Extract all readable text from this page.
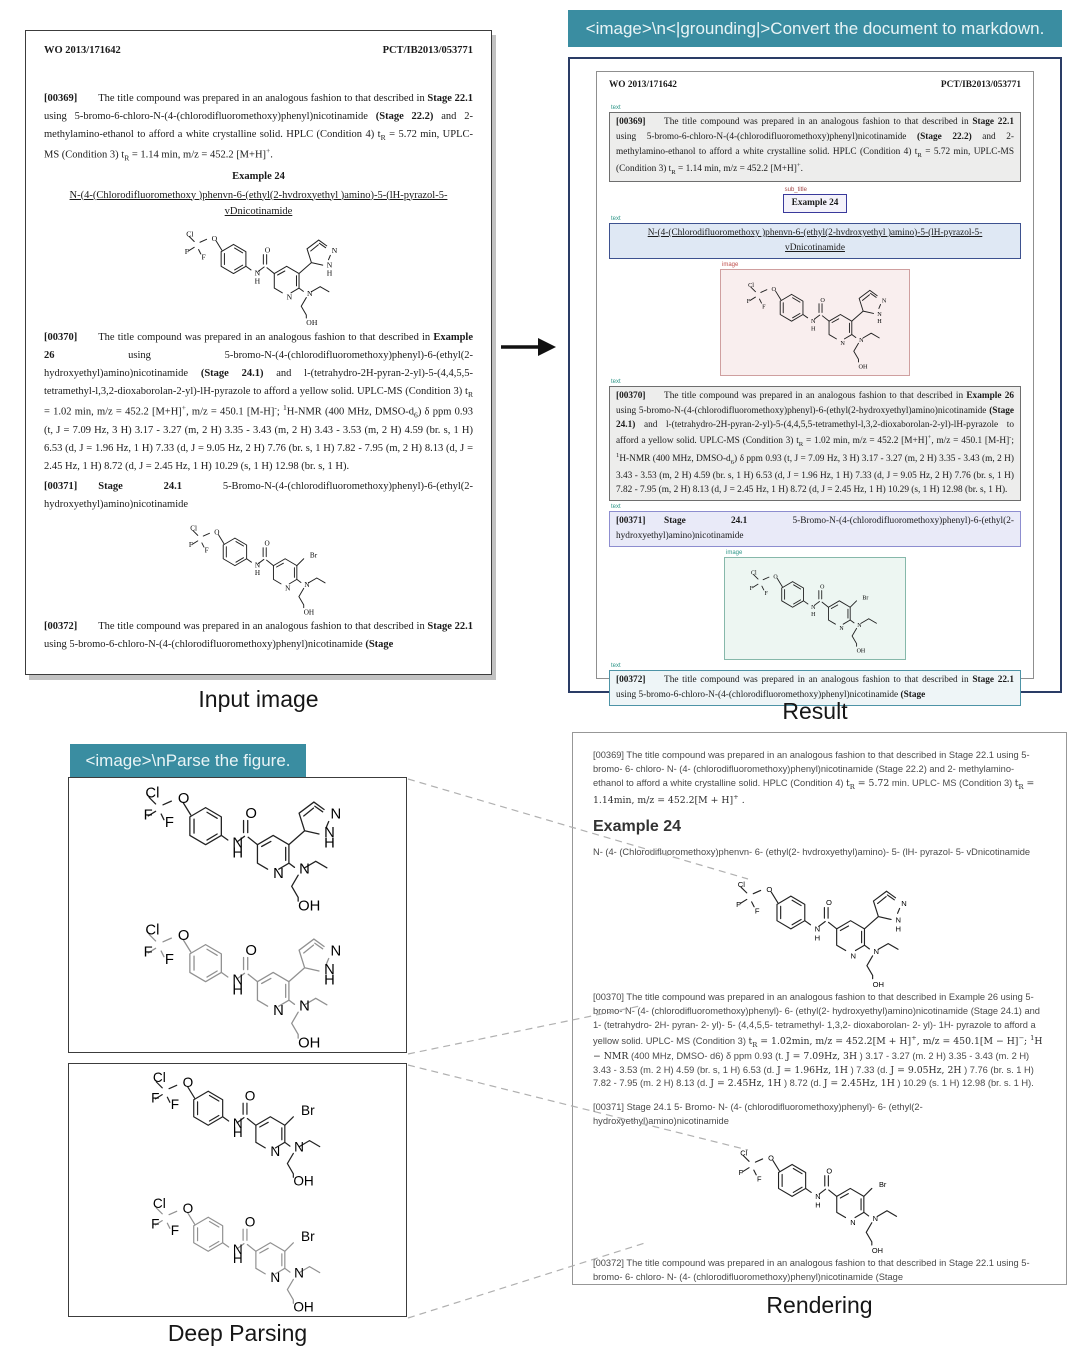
WO 2013/171642	PCT/IB2013/053771

[00369]  The title compound was prepared in an analogous fashion to that described in Stage 22.1 using 5-bromo-6-chloro-N-(4-(chlorodifluoromethoxy)phenyl)nicotinamide (Stage 22.2) and 2-methylamino-ethanol to afford a white crystalline solid. HPLC (Condition 4) $t_R = 5.72$ min, UPLC-MS (Condition 3) $t_R = 1.14$ min, m/z = 452.2 [M+H]+.

Example 24
N-(4-(Chlorodifluoromethoxy )phenvn-6-(ethyl(2-hvdroxyethyl )amino)-5-(lH-pyrazol-5-vDnicotinamide

[00370]  The title compound was prepared in an analogous fashion to that described in Example 26 using 5-bromo-N-(4-(chlorodifluoromethoxy)phenyl)-6-(ethyl(2-hydroxyethyl)amino)nicotinamide (Stage 24.1) and l-(tetrahydro-2H-pyran-2-yl)-5-(4,4,5,5-tetramethyl-l,3,2-dioxaborolan-2-yl)-lH-pyrazole to afford a yellow solid. UPLC-MS (Condition 3) $t_R = 1.02$ min, m/z = 452.2 [M+H]+, m/z = 450.1 [M-H]-; $^1$H-NMR (400 MHz, DMSO-$d_6$) δ ppm 0.93 (t, J = 7.09 Hz, 3 H) 3.17 - 3.27 (m, 2 H) 3.35 - 3.43 (m, 2 H) 3.43 - 3.53 (m, 2 H) 4.59 (br. s, 1 H) 6.53 (d, J = 1.96 Hz, 1 H) 7.33 (d, J = 9.05 Hz, 2 H) 7.76 (br. s, 1 H) 7.82 - 7.95 (m, 2 H) 8.13 (d, J = 2.45 Hz, 1 H) 8.72 (d, J = 2.45 Hz, 1 H) 10.29 (s, 1 H) 12.98 (br. s, 1 H).

[00371]   Stage 24.1 5-Bromo-N-(4-(chlorodifluoromethoxy)phenyl)-6-(ethyl(2-hydroxyethyl)amino)nicotinamide

[00372]  The title compound was prepared in an analogous fashion to that described in Stage 22.1 using 5-bromo-6-chloro-N-(4-(chlorodifluoromethoxy)phenyl)nicotinamide (Stage

Input image
<image>\n<|grounding|>Convert the document to markdown.
WO 2013/171642	PCT/IB2013/053771
text

[00369]  The title compound was prepared in an analogous fashion to that described in Stage 22.1 using 5-bromo-6-chloro-N-(4-(chlorodifluoromethoxy)phenyl)nicotinamide (Stage 22.2) and 2-methylamino-ethanol to afford a white crystalline solid. HPLC (Condition 4) $t_R = 5.72$ min, UPLC-MS (Condition 3) $t_R = 1.14$ min, m/z = 452.2 [M+H]+.

sub_title
Example 24
text
N-(4-(Chlorodifluoromethoxy )phenvn-6-(ethyl(2-hvdroxyethyl )amino)-5-(lH-pyrazol-5-vDnicotinamide
image
text

[00370]  The title compound was prepared in an analogous fashion to that described in Example 26 using 5-bromo-N-(4-(chlorodifluoromethoxy)phenyl)-6-(ethyl(2-hydroxyethyl)amino)nicotinamide (Stage 24.1) and l-(tetrahydro-2H-pyran-2-yl)-5-(4,4,5,5-tetramethyl-l,3,2-dioxaborolan-2-yl)-lH-pyrazole to afford a yellow solid. UPLC-MS (Condition 3) $t_R = 1.02$ min, m/z = 452.2 [M+H]+, m/z = 450.1 [M-H]-; $^1$H-NMR (400 MHz, DMSO-$d_6$) δ ppm 0.93 (t, J = 7.09 Hz, 3 H) 3.17 - 3.27 (m, 2 H) 3.35 - 3.43 (m, 2 H) 3.43 - 3.53 (m, 2 H) 4.59 (br. s, 1 H) 6.53 (d, J = 1.96 Hz, 1 H) 7.33 (d, J = 9.05 Hz, 2 H) 7.76 (br. s, 1 H) 7.82 - 7.95 (m, 2 H) 8.13 (d, J = 2.45 Hz, 1 H) 8.72 (d, J = 2.45 Hz, 1 H) 10.29 (s, 1 H) 12.98 (br. s, 1 H).

text

[00371]   Stage 24.1 5-Bromo-N-(4-(chlorodifluoromethoxy)phenyl)-6-(ethyl(2-hydroxyethyl)amino)nicotinamide

image
text

[00372]  The title compound was prepared in an analogous fashion to that described in Stage 22.1 using 5-bromo-6-chloro-N-(4-(chlorodifluoromethoxy)phenyl)nicotinamide (Stage

Result
<image>\nParse the figure.
Deep Parsing

[00369] The title compound was prepared in an analogous fashion to that described in Stage 22.1 using 5- bromo- 6- chloro- N- (4- (chlorodifluoromethoxy)phenyl)nicotinamide (Stage 22.2) and 2- methylamino- ethanol to afford a white crystalline solid. HPLC (Condition 4) $t_R = 5.72$ min. UPLC- MS (Condition 3) $t_R = 1.14\min$, m/z = 452.2[M + H]+ .

Example 24

N- (4- (Chlorodifluoromethoxy)phenvn- 6- (ethyl(2- hvdroxyethyl)amino)- 5- (lH- pyrazol- 5- vDnicotinamide

[00370] The title compound was prepared in an analogous fashion to that described in Example 26 using 5- bromo- N- (4- (chlorodifluoromethoxy)phenyl)- 6- (ethyl(2- hydroxyethyl)amino)nicotinamide (Stage 24.1) and 1- (tetrahydro- 2H- pyran- 2- yl)- 5- (4,4,5,5- tetramethyl- 1,3,2- dioxaborolan- 2- yl)- 1H- pyrazole to afford a yellow solid. UPLC- MS (Condition 3) $t_R = 1.02\min$, m/z = 452.2[M + H]+, m/z = 450.1[M − H]−; $^1$H − NMR (400 MHz, DMSO- d6) δ ppm 0.93 (t. J = 7.09Hz, 3H ) 3.17 - 3.27 (m. 2 H) 3.35 - 3.43 (m. 2 H) 3.43 - 3.53 (m. 2 H) 4.59 (br. s, 1 H) 6.53 (d. J = 1.96Hz, 1H ) 7.33 (d. J = 9.05Hz, 2H ) 7.76 (br. s. 1 H) 7.82 - 7.95 (m. 2 H) 8.13 (d. J = 2.45Hz, 1H ) 8.72 (d. J = 2.45Hz, 1H ) 10.29 (s. 1 H) 12.98 (br. s. 1 H).

[00371] Stage 24.1 5- Bromo- N- (4- (chlorodifluoromethoxy)phenyl)- 6- (ethyl(2- hydroxyethyl)amino)nicotinamide

[00372] The title compound was prepared in an analogous fashion to that described in Stage 22.1 using 5- bromo- 6- chloro- N- (4- (chlorodifluoromethoxy)phenyl)nicotinamide (Stage

Rendering
